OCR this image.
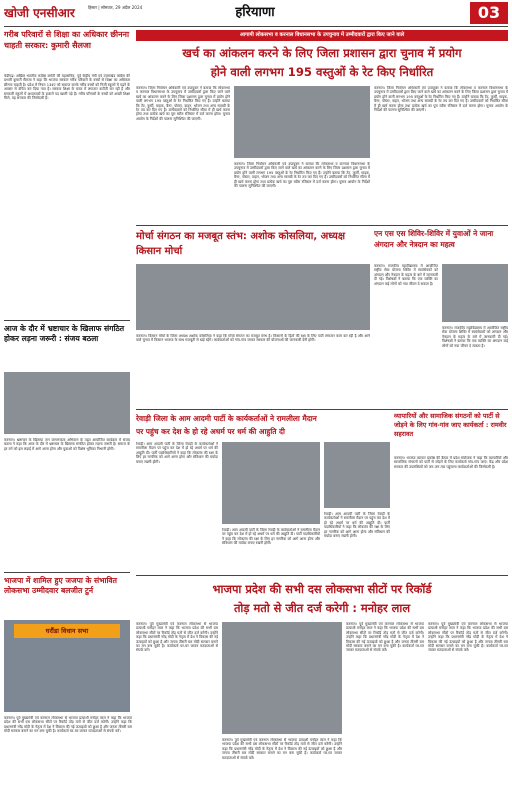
खोजी एनसीआर	हिसार | सोमवार, 29 अप्रैल 2024	हरियाणा	03
गरीब परिवारों से शिक्षा का अधिकार छीनना चाहती सरकार: कुमारी सैलजा
चंडीगढ़। अखिल भारतीय कांग्रेस कमेटी की महासचिव, पूर्व केंद्रीय मंत्री एवं उत्तराखंड कांग्रेस की प्रभारी कुमारी सैलजा ने कहा कि भाजपा सरकार गरीब परिवारों के बच्चों से शिक्षा का अधिकार छीनना चाहती है। प्रदेश में नियम 134ए को समाप्त करके गरीब बच्चों को निजी स्कूलों में पढ़ने के अवसर से वंचित कर दिया गया है। सरकार शिक्षा के बजट में लगातार कटौती कर रही है और सरकारी स्कूलों में अध्यापकों के हजारों पद खाली पड़े हैं। गरीब परिवारों के बच्चों को अच्छी शिक्षा मिले, यह सरकार की जिम्मेदारी है।
आज के दौर में भ्रष्टाचार के खिलाफ संगठित होकर लड़ना जरूरी : संजय बठला
करनाल। भ्रष्टाचार के खिलाफ जन जागरूकता अभियान के तहत आयोजित कार्यक्रम में संजय बठला ने कहा कि आज के दौर में भ्रष्टाचार के खिलाफ संगठित होकर लड़ना जरूरी है। समाज के हर वर्ग को इस लड़ाई में आगे आना होगा और युवाओं को विशेष भूमिका निभानी होगी।
भाजपा में शामिल हुए जजपा के संभावित लोकसभा उम्मीदवार बलजीत टुर्न
घरौंडा विधान सभा
आगामी लोकसभा व करनाल विधानसभा के उपचुनाव में उम्मीदवारों द्वारा किए जाने वाले
खर्च का आंकलन करने के लिए जिला प्रशासन द्वारा चुनाव में प्रयोग
होने वाली लगभग 195 वस्तुओं के रेट किए निर्धारित
करनाल। जिला निर्वाचन अधिकारी एवं उपायुक्त ने बताया कि लोकसभा व करनाल विधानसभा के उपचुनाव में उम्मीदवारों द्वारा किए जाने वाले खर्च का आंकलन करने के लिए जिला प्रशासन द्वारा चुनाव में प्रयोग होने वाली लगभग 195 वस्तुओं के रेट निर्धारित किए गए हैं। उन्होंने बताया कि टेंट, कुर्सी, माइक, बैनर, पोस्टर, वाहन, भोजन तथा अन्य सामग्री के रेट तय कर दिए गए हैं। उम्मीदवारों को निर्धारित सीमा में ही खर्च करना होगा तथा प्रत्येक खर्च का पूरा ब्यौरा रजिस्टर में दर्ज करना होगा। चुनाव आयोग के निर्देशों की पालना सुनिश्चित की जाएगी।
करनाल। जिला निर्वाचन अधिकारी एवं उपायुक्त ने बताया कि लोकसभा व करनाल विधानसभा के उपचुनाव में उम्मीदवारों द्वारा किए जाने वाले खर्च का आंकलन करने के लिए जिला प्रशासन द्वारा चुनाव में प्रयोग होने वाली लगभग 195 वस्तुओं के रेट निर्धारित किए गए हैं। उन्होंने बताया कि टेंट, कुर्सी, माइक, बैनर, पोस्टर, वाहन, भोजन तथा अन्य सामग्री के रेट तय कर दिए गए हैं। उम्मीदवारों को निर्धारित सीमा में ही खर्च करना होगा तथा प्रत्येक खर्च का पूरा ब्यौरा रजिस्टर में दर्ज करना होगा। चुनाव आयोग के निर्देशों की पालना सुनिश्चित की जाएगी।
करनाल। जिला निर्वाचन अधिकारी एवं उपायुक्त ने बताया कि लोकसभा व करनाल विधानसभा के उपचुनाव में उम्मीदवारों द्वारा किए जाने वाले खर्च का आंकलन करने के लिए जिला प्रशासन द्वारा चुनाव में प्रयोग होने वाली लगभग 195 वस्तुओं के रेट निर्धारित किए गए हैं। उन्होंने बताया कि टेंट, कुर्सी, माइक, बैनर, पोस्टर, वाहन, भोजन तथा अन्य सामग्री के रेट तय कर दिए गए हैं। उम्मीदवारों को निर्धारित सीमा में ही खर्च करना होगा तथा प्रत्येक खर्च का पूरा ब्यौरा रजिस्टर में दर्ज करना होगा। चुनाव आयोग के निर्देशों की पालना सुनिश्चित की जाएगी।
मोर्चा संगठन का मजबूत स्तंभ: अशोक कोसलिया, अध्यक्ष किसान मोर्चा
करनाल। किसान मोर्चा के जिला अध्यक्ष अशोक कोसलिया ने कहा कि मोर्चा संगठन का मजबूत स्तंभ है। किसानों के हितों की रक्षा के लिए पार्टी लगातार काम कर रही है और आने वाले चुनाव में किसान भाजपा के साथ मजबूती से खड़े रहेंगे। कार्यकर्ताओं को गांव-गांव जाकर सरकार की योजनाओं की जानकारी देनी होगी।
एन एस एस शिविर-शिविर में युवाओं ने जाना अंगदान और नेत्रदान का महत्व
करनाल। राजकीय महाविद्यालय में आयोजित राष्ट्रीय सेवा योजना शिविर में स्वयंसेवकों को अंगदान और नेत्रदान के महत्व के बारे में जानकारी दी गई। विशेषज्ञों ने बताया कि एक व्यक्ति का अंगदान कई लोगों को नया जीवन दे सकता है।
करनाल। राजकीय महाविद्यालय में आयोजित राष्ट्रीय सेवा योजना शिविर में स्वयंसेवकों को अंगदान और नेत्रदान के महत्व के बारे में जानकारी दी गई। विशेषज्ञों ने बताया कि एक व्यक्ति का अंगदान कई लोगों को नया जीवन दे सकता है।
रेवाड़ी जिला के आम आदमी पार्टी के कार्यकर्ताओं ने रामलीला मैदान
पर पहुंच कर देश के हो रहे अधर्म पर धर्म की आहुति दी
रेवाड़ी। आम आदमी पार्टी के जिला रेवाड़ी के कार्यकर्ताओं ने रामलीला मैदान पर पहुंच कर देश में हो रहे अधर्म पर धर्म की आहुति दी। पार्टी पदाधिकारियों ने कहा कि लोकतंत्र की रक्षा के लिए हर नागरिक को आगे आना होगा और संविधान की मर्यादा बनाए रखनी होगी।
रेवाड़ी। आम आदमी पार्टी के जिला रेवाड़ी के कार्यकर्ताओं ने रामलीला मैदान पर पहुंच कर देश में हो रहे अधर्म पर धर्म की आहुति दी। पार्टी पदाधिकारियों ने कहा कि लोकतंत्र की रक्षा के लिए हर नागरिक को आगे आना होगा और संविधान की मर्यादा बनाए रखनी होगी।
रेवाड़ी। आम आदमी पार्टी के जिला रेवाड़ी के कार्यकर्ताओं ने रामलीला मैदान पर पहुंच कर देश में हो रहे अधर्म पर धर्म की आहुति दी। पार्टी पदाधिकारियों ने कहा कि लोकतंत्र की रक्षा के लिए हर नागरिक को आगे आना होगा और संविधान की मर्यादा बनाए रखनी होगी।
व्यापारियों और सामाजिक संगठनों को पार्टी से जोड़ने के लिए गांव-गांव जाए कार्यकर्ता : रामवीर सहरावत
करनाल। भाजपा व्यापार प्रकोष्ठ की बैठक में प्रदेश संयोजक ने कहा कि व्यापारियों और सामाजिक संगठनों को पार्टी से जोड़ने के लिए कार्यकर्ता गांव-गांव जाएं। केंद्र और प्रदेश सरकार की उपलब्धियों को जन-जन तक पहुंचाना कार्यकर्ताओं की जिम्मेदारी है।
भाजपा प्रदेश की सभी दस लोकसभा सीटों पर रिकॉर्ड
तोड़ मतो से जीत दर्ज करेगी : मनोहर लाल
करनाल। पूर्व मुख्यमंत्री एवं करनाल लोकसभा से भाजपा प्रत्याशी मनोहर लाल ने कहा कि भाजपा प्रदेश की सभी दस लोकसभा सीटों पर रिकॉर्ड तोड़ मतों से जीत दर्ज करेगी। उन्होंने कहा कि प्रधानमंत्री नरेंद्र मोदी के नेतृत्व में देश ने विकास की नई ऊंचाइयों को छुआ है और जनता तीसरी बार मोदी सरकार बनाने का मन बना चुकी है। कार्यकर्ता घर-घर जाकर मतदाताओं से संपर्क करें।
करनाल। पूर्व मुख्यमंत्री एवं करनाल लोकसभा से भाजपा प्रत्याशी मनोहर लाल ने कहा कि भाजपा प्रदेश की सभी दस लोकसभा सीटों पर रिकॉर्ड तोड़ मतों से जीत दर्ज करेगी। उन्होंने कहा कि प्रधानमंत्री नरेंद्र मोदी के नेतृत्व में देश ने विकास की नई ऊंचाइयों को छुआ है और जनता तीसरी बार मोदी सरकार बनाने का मन बना चुकी है। कार्यकर्ता घर-घर जाकर मतदाताओं से संपर्क करें।
करनाल। पूर्व मुख्यमंत्री एवं करनाल लोकसभा से भाजपा प्रत्याशी मनोहर लाल ने कहा कि भाजपा प्रदेश की सभी दस लोकसभा सीटों पर रिकॉर्ड तोड़ मतों से जीत दर्ज करेगी। उन्होंने कहा कि प्रधानमंत्री नरेंद्र मोदी के नेतृत्व में देश ने विकास की नई ऊंचाइयों को छुआ है और जनता तीसरी बार मोदी सरकार बनाने का मन बना चुकी है। कार्यकर्ता घर-घर जाकर मतदाताओं से संपर्क करें।
करनाल। पूर्व मुख्यमंत्री एवं करनाल लोकसभा से भाजपा प्रत्याशी मनोहर लाल ने कहा कि भाजपा प्रदेश की सभी दस लोकसभा सीटों पर रिकॉर्ड तोड़ मतों से जीत दर्ज करेगी। उन्होंने कहा कि प्रधानमंत्री नरेंद्र मोदी के नेतृत्व में देश ने विकास की नई ऊंचाइयों को छुआ है और जनता तीसरी बार मोदी सरकार बनाने का मन बना चुकी है। कार्यकर्ता घर-घर जाकर मतदाताओं से संपर्क करें।
करनाल। पूर्व मुख्यमंत्री एवं करनाल लोकसभा से भाजपा प्रत्याशी मनोहर लाल ने कहा कि भाजपा प्रदेश की सभी दस लोकसभा सीटों पर रिकॉर्ड तोड़ मतों से जीत दर्ज करेगी। उन्होंने कहा कि प्रधानमंत्री नरेंद्र मोदी के नेतृत्व में देश ने विकास की नई ऊंचाइयों को छुआ है और जनता तीसरी बार मोदी सरकार बनाने का मन बना चुकी है। कार्यकर्ता घर-घर जाकर मतदाताओं से संपर्क करें।
